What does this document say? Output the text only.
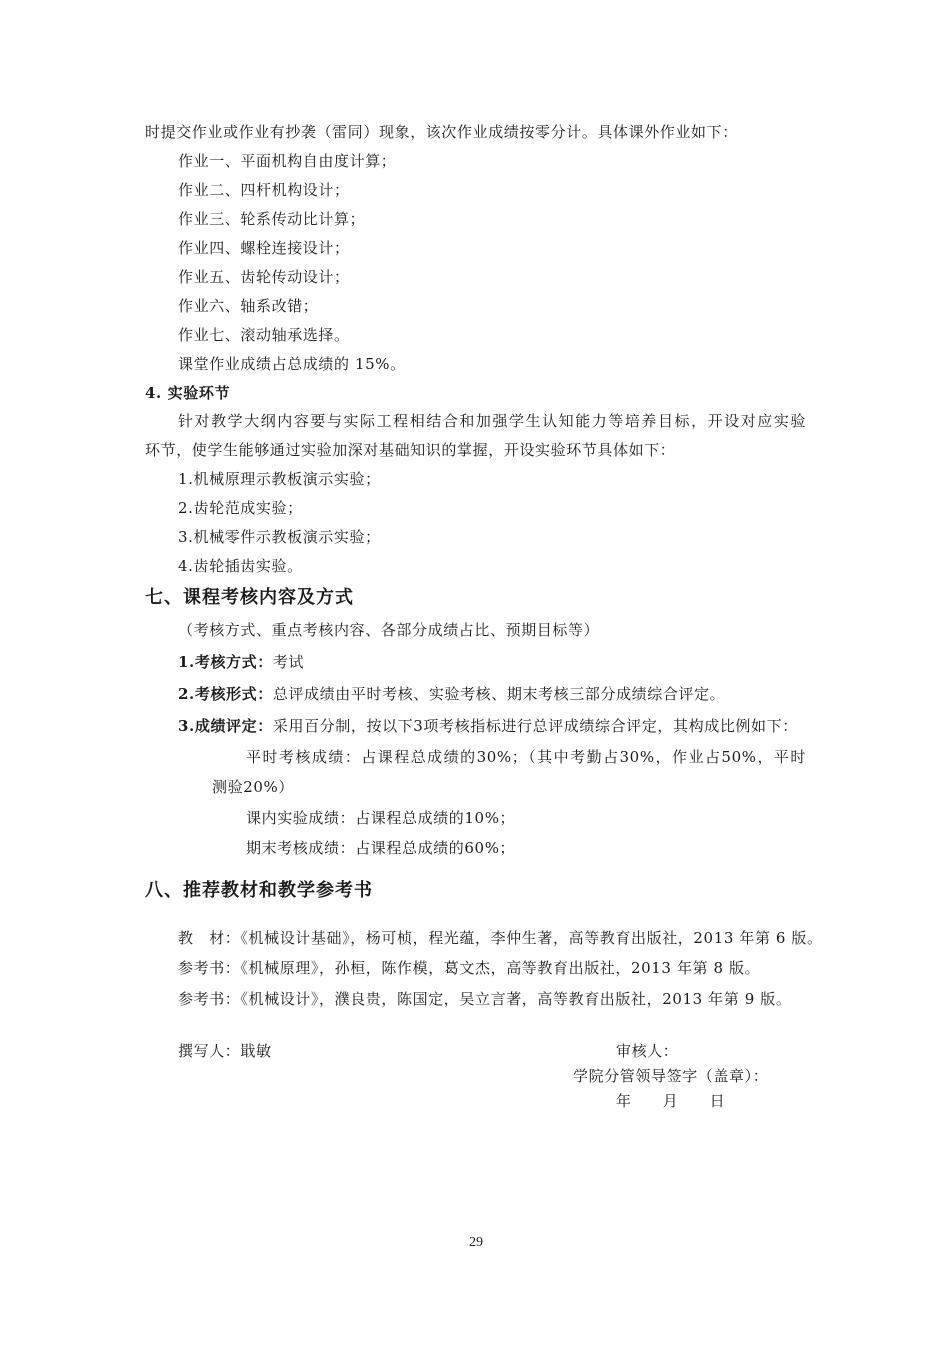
时提交作业或作业有抄袭（雷同）现象，该次作业成绩按零分计。具体课外作业如下：
作业一、平面机构自由度计算；
作业二、四杆机构设计；
作业三、轮系传动比计算；
作业四、螺栓连接设计；
作业五、齿轮传动设计；
作业六、轴系改错；
作业七、滚动轴承选择。
课堂作业成绩占总成绩的 15%。
4. 实验环节
针对教学大纲内容要与实际工程相结合和加强学生认知能力等培养目标，开设对应实验
环节，使学生能够通过实验加深对基础知识的掌握，开设实验环节具体如下：
1.机械原理示教板演示实验；
2.齿轮范成实验；
3.机械零件示教板演示实验；
4.齿轮插齿实验。
七、课程考核内容及方式
（考核方式、重点考核内容、各部分成绩占比、预期目标等）
1.考核方式：考试
2.考核形式：总评成绩由平时考核、实验考核、期末考核三部分成绩综合评定。
3.成绩评定：采用百分制，按以下3项考核指标进行总评成绩综合评定，其构成比例如下：
平时考核成绩：占课程总成绩的30%；（其中考勤占30%，作业占50%，平时
测验20%）
课内实验成绩：占课程总成绩的10%；
期末考核成绩：占课程总成绩的60%；
八、推荐教材和教学参考书
教　材：《机械设计基础》，杨可桢，程光蕴，李仲生著，高等教育出版社，2013 年第 6 版。
参考书：《机械原理》，孙桓，陈作模，葛文杰，高等教育出版社，2013 年第 8 版。
参考书：《机械设计》，濮良贵，陈国定，吴立言著，高等教育出版社，2013 年第 9 版。
撰写人：戢敏	审核人：
学院分管领导签字（盖章）：
年　　月　　日
29
